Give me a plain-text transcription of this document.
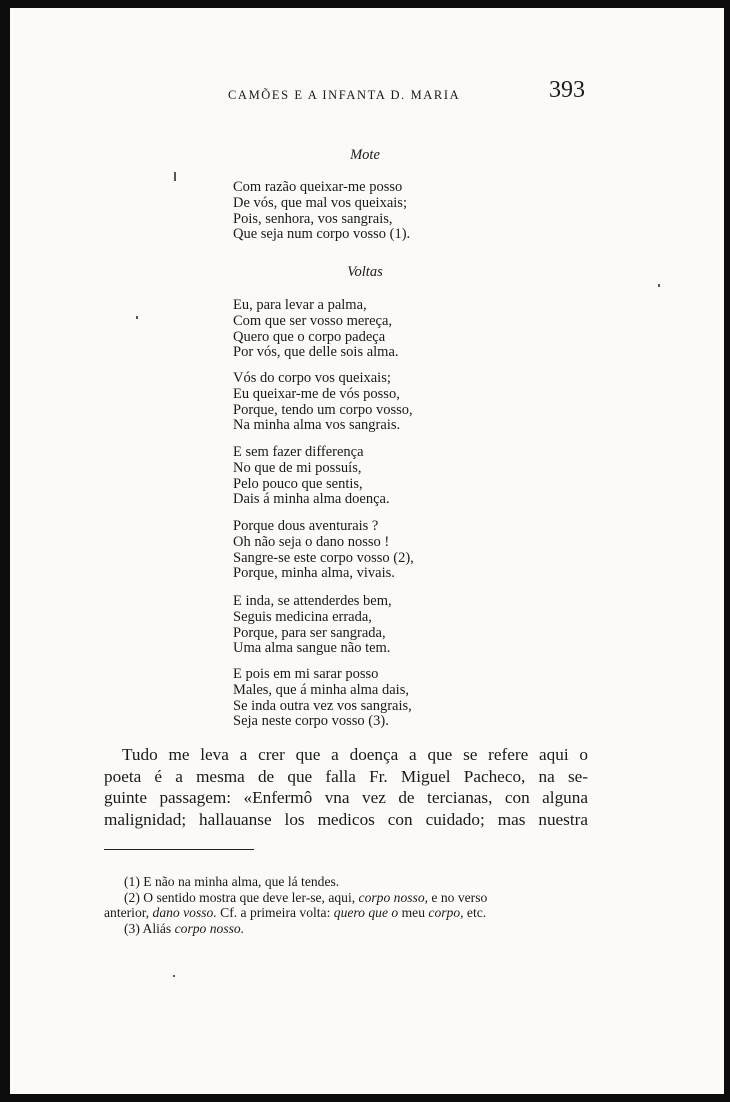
CAMÕES E A INFANTA D. MARIA	393
Mote
Com razão queixar-me posso
De vós, que mal vos queixais;
Pois, senhora, vos sangrais,
Que seja num corpo vosso (1).
Voltas
Eu, para levar a palma,
Com que ser vosso mereça,
Quero que o corpo padeça
Por vós, que delle sois alma.
Vós do corpo vos queixais;
Eu queixar-me de vós posso,
Porque, tendo um corpo vosso,
Na minha alma vos sangrais.
E sem fazer differença
No que de mi possuís,
Pelo pouco que sentis,
Dais á minha alma doença.
Porque dous aventurais ?
Oh não seja o dano nosso !
Sangre-se este corpo vosso (2),
Porque, minha alma, vivais.
E inda, se attenderdes bem,
Seguis medicina errada,
Porque, para ser sangrada,
Uma alma sangue não tem.
E pois em mi sarar posso
Males, que á minha alma dais,
Se inda outra vez vos sangrais,
Seja neste corpo vosso (3).
Tudo me leva a crer que a doença a que se refere aqui o
poeta é a mesma de que falla Fr. Miguel Pacheco, na se-
guinte passagem: «Enfermô vna vez de tercianas, con alguna
malignidad; hallauanse los medicos con cuidado; mas nuestra
(1) E não na minha alma, que lá tendes.
(2) O sentido mostra que deve ler-se, aqui, corpo nosso, e no verso
anterior, dano vosso. Cf. a primeira volta: quero que o meu corpo, etc.
(3) Aliás corpo nosso.
